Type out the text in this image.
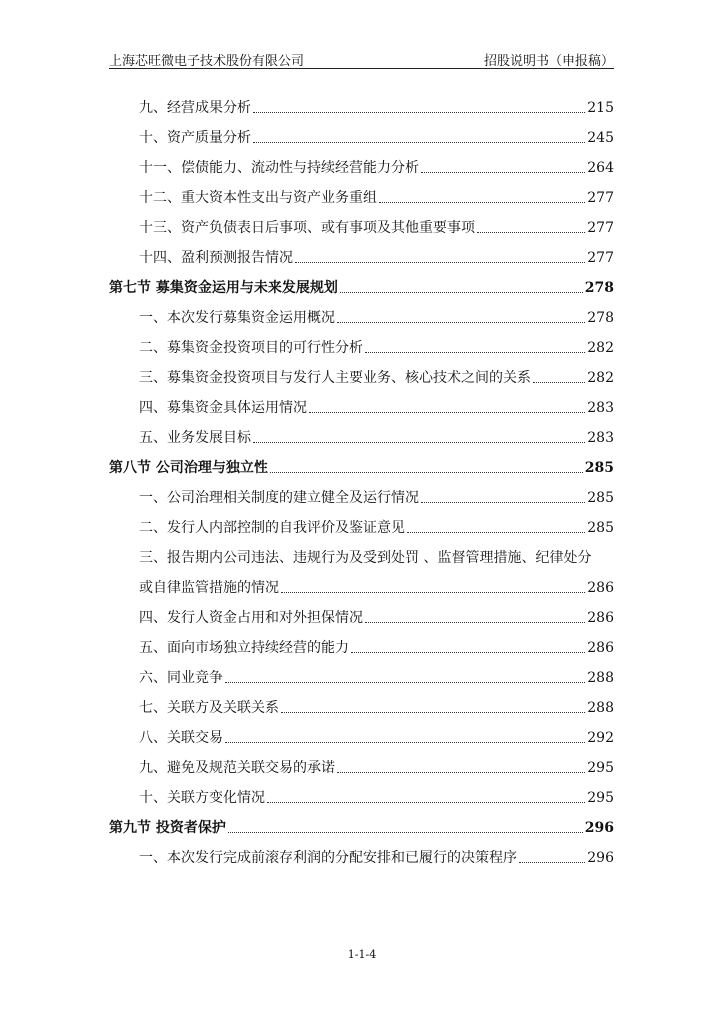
上海芯旺微电子技术股份有限公司	招股说明书（申报稿）
九、经营成果分析	215
十、资产质量分析	245
十一、偿债能力、流动性与持续经营能力分析	264
十二、重大资本性支出与资产业务重组	277
十三、资产负债表日后事项、或有事项及其他重要事项	277
十四、盈利预测报告情况	277
第七节 募集资金运用与未来发展规划	278
一、本次发行募集资金运用概况	278
二、募集资金投资项目的可行性分析	282
三、募集资金投资项目与发行人主要业务、核心技术之间的关系	282
四、募集资金具体运用情况	283
五、业务发展目标	283
第八节 公司治理与独立性	285
一、公司治理相关制度的建立健全及运行情况	285
二、发行人内部控制的自我评价及鉴证意见	285
三、报告期内公司违法、违规行为及受到处罚 、监督管理措施、纪律处分
或自律监管措施的情况	286
四、发行人资金占用和对外担保情况	286
五、面向市场独立持续经营的能力	286
六、同业竞争	288
七、关联方及关联关系	288
八、关联交易	292
九、避免及规范关联交易的承诺	295
十、关联方变化情况	295
第九节 投资者保护	296
一、本次发行完成前滚存利润的分配安排和已履行的决策程序	296
1-1-4
